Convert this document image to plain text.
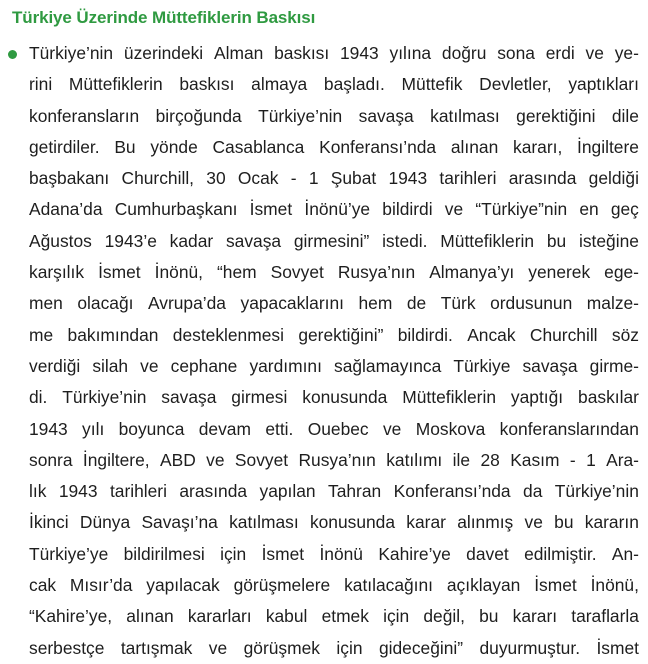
Türkiye Üzerinde Müttefiklerin Baskısı
Türkiye’nin üzerindeki Alman baskısı 1943 yılına doğru sona erdi ve ye-
rini Müttefiklerin baskısı almaya başladı. Müttefik Devletler, yaptıkları
konferansların birçoğunda Türkiye’nin savaşa katılması gerektiğini dile
getirdiler. Bu yönde Casablanca Konferansı’nda alınan kararı, İngiltere
başbakanı Churchill, 30 Ocak - 1 Şubat 1943 tarihleri arasında geldiği
Adana’da Cumhurbaşkanı İsmet İnönü’ye bildirdi ve “Türkiye”nin en geç
Ağustos 1943’e kadar savaşa girmesini” istedi. Müttefiklerin bu isteğine
karşılık İsmet İnönü, “hem Sovyet Rusya’nın Almanya’yı yenerek ege-
men olacağı Avrupa’da yapacaklarını hem de Türk ordusunun malze-
me bakımından desteklenmesi gerektiğini” bildirdi. Ancak Churchill söz
verdiği silah ve cephane yardımını sağlamayınca Türkiye savaşa girme-
di. Türkiye’nin savaşa girmesi konusunda Müttefiklerin yaptığı baskılar
1943 yılı boyunca devam etti. Ouebec ve Moskova konferanslarından
sonra İngiltere, ABD ve Sovyet Rusya’nın katılımı ile 28 Kasım - 1 Ara-
lık 1943 tarihleri arasında yapılan Tahran Konferansı’nda da Türkiye’nin
İkinci Dünya Savaşı’na katılması konusunda karar alınmış ve bu kararın
Türkiye’ye bildirilmesi için İsmet İnönü Kahire’ye davet edilmiştir. An-
cak Mısır’da yapılacak görüşmelere katılacağını açıklayan İsmet İnönü,
“Kahire’ye, alınan kararları kabul etmek için değil, bu kararı taraflarla
serbestçe tartışmak ve görüşmek için gideceğini” duyurmuştur. İsmet
